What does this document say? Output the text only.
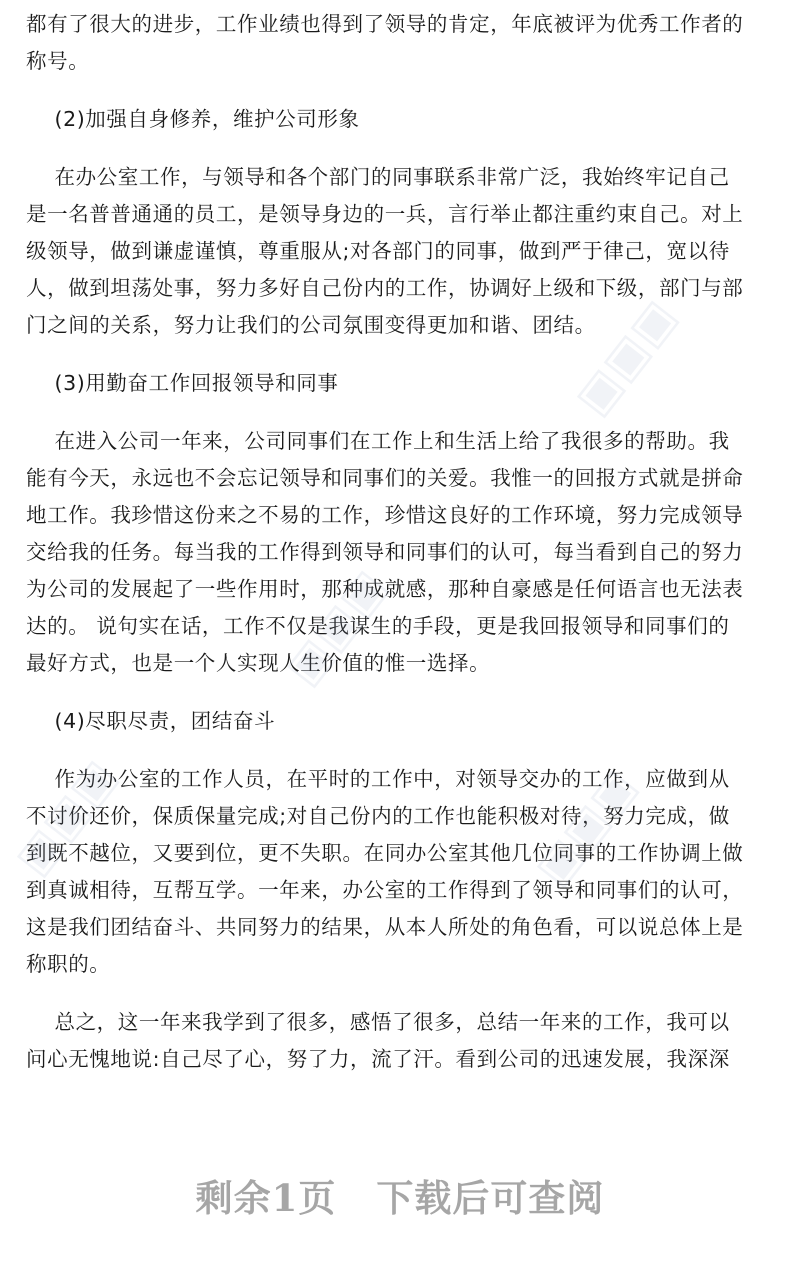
都有了很大的进步，工作业绩也得到了领导的肯定，年底被评为优秀工作者的
称号。
(2)加强自身修养，维护公司形象
在办公室工作，与领导和各个部门的同事联系非常广泛，我始终牢记自己
是一名普普通通的员工，是领导身边的一兵，言行举止都注重约束自己。对上
级领导，做到谦虚谨慎，尊重服从;对各部门的同事，做到严于律己，宽以待
人，做到坦荡处事，努力多好自己份内的工作，协调好上级和下级，部门与部
门之间的关系，努力让我们的公司氛围变得更加和谐、团结。
(3)用勤奋工作回报领导和同事
在进入公司一年来，公司同事们在工作上和生活上给了我很多的帮助。我
能有今天，永远也不会忘记领导和同事们的关爱。我惟一的回报方式就是拼命
地工作。我珍惜这份来之不易的工作，珍惜这良好的工作环境，努力完成领导
交给我的任务。每当我的工作得到领导和同事们的认可，每当看到自己的努力
为公司的发展起了一些作用时，那种成就感，那种自豪感是任何语言也无法表
达的。 说句实在话，工作不仅是我谋生的手段，更是我回报领导和同事们的
最好方式，也是一个人实现人生价值的惟一选择。
(4)尽职尽责，团结奋斗
作为办公室的工作人员，在平时的工作中，对领导交办的工作，应做到从
不讨价还价，保质保量完成;对自己份内的工作也能积极对待，努力完成，做
到既不越位，又要到位，更不失职。在同办公室其他几位同事的工作协调上做
到真诚相待，互帮互学。一年来，办公室的工作得到了领导和同事们的认可，
这是我们团结奋斗、共同努力的结果，从本人所处的角色看，可以说总体上是
称职的。
总之，这一年来我学到了很多，感悟了很多，总结一年来的工作，我可以
问心无愧地说:自己尽了心，努了力，流了汗。看到公司的迅速发展，我深深
▣▣▣
▣▣▣
▣▣▣	▣▣▣
剩余1页 下载后可查阅
